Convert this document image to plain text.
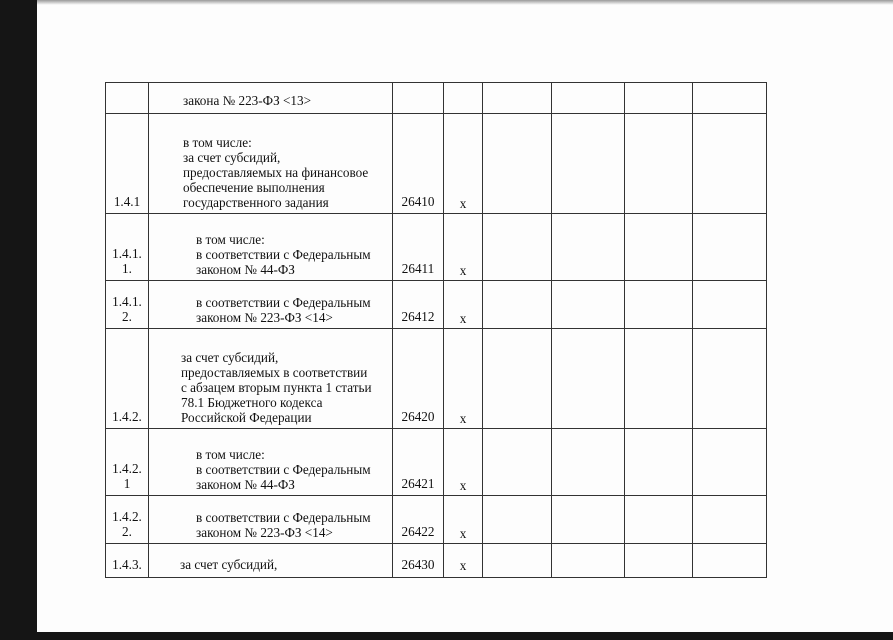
	закона № 223-ФЗ <13>						

1.4.1	в том числе:
за счет субсидий,
предоставляемых на финансовое
обеспечение выполнения
государственного задания	26410	х				

1.4.1.
1.	в том числе:
в соответствии с Федеральным
законом № 44-ФЗ	26411	х				

1.4.1.
2.	в соответствии с Федеральным
законом № 223-ФЗ <14>	26412	х				

1.4.2.	за счет субсидий,
предоставляемых в соответствии
с абзацем вторым пункта 1 статьи
78.1 Бюджетного кодекса
Российской Федерации	26420	х				

1.4.2.
1	в том числе:
в соответствии с Федеральным
законом № 44-ФЗ	26421	х				

1.4.2.
2.	в соответствии с Федеральным
законом № 223-ФЗ <14>	26422	х				

1.4.3.	за счет субсидий,	26430	х				
